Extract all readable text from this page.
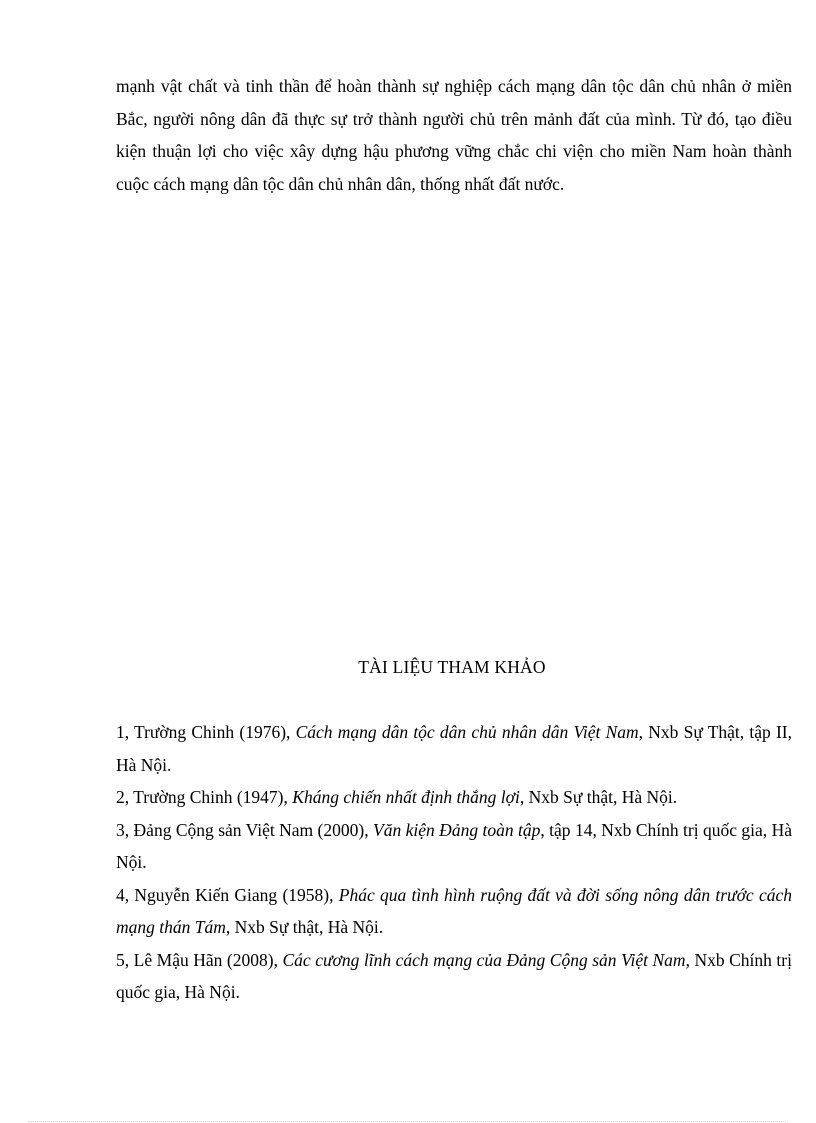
mạnh vật chất và tinh thần để hoàn thành sự nghiệp cách mạng dân tộc dân chủ nhân ở miền Bắc, người nông dân đã thực sự trở thành người chủ trên mảnh đất của mình. Từ đó, tạo điều kiện thuận lợi cho việc xây dựng hậu phương vững chắc chi viện cho miền Nam hoàn thành cuộc cách mạng dân tộc dân chủ nhân dân, thống nhất đất nước.

TÀI LIỆU THAM KHẢO
1, Trường Chinh (1976), Cách mạng dân tộc dân chủ nhân dân Việt Nam, Nxb Sự Thật, tập II, Hà Nội.
2, Trường Chinh (1947), Kháng chiến nhất định thắng lợi, Nxb Sự thật, Hà Nội.
3, Đảng Cộng sản Việt Nam (2000), Văn kiện Đảng toàn tập, tập 14, Nxb Chính trị quốc gia, Hà Nội.
4, Nguyễn Kiến Giang (1958), Phác qua tình hình ruộng đất và đời sống nông dân trước cách mạng thán Tám, Nxb Sự thật, Hà Nội.
5, Lê Mậu Hãn (2008), Các cương lĩnh cách mạng của Đảng Cộng sản Việt Nam, Nxb Chính trị quốc gia, Hà Nội.
